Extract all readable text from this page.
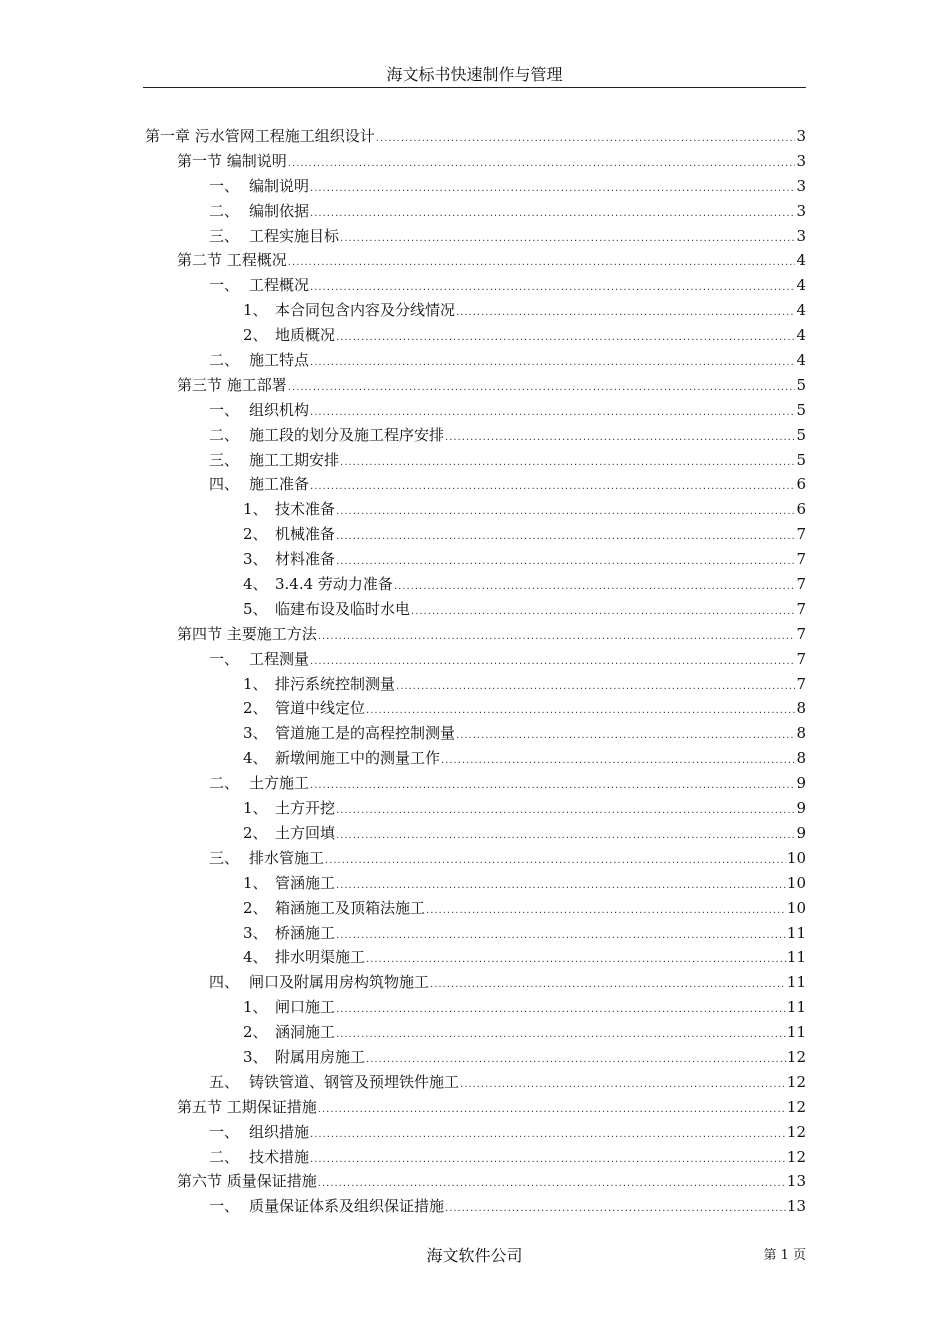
海文标书快速制作与管理
第一章 污水管网工程施工组织设计 .....	3
第一节 编制说明 .....	3
一、 编制说明 .....	3
二、 编制依据 .....	3
三、 工程实施目标 .....	3
第二节 工程概况 .....	4
一、 工程概况 .....	4
1、 本合同包含内容及分线情况 .....	4
2、 地质概况 .....	4
二、 施工特点 .....	4
第三节 施工部署 .....	5
一、 组织机构 .....	5
二、 施工段的划分及施工程序安排 .....	5
三、 施工工期安排 .....	5
四、 施工准备 .....	6
1、 技术准备 .....	6
2、 机械准备 .....	7
3、 材料准备 .....	7
4、 3.4.4 劳动力准备 .....	7
5、 临建布设及临时水电 .....	7
第四节 主要施工方法 .....	7
一、 工程测量 .....	7
1、 排污系统控制测量 .....	7
2、 管道中线定位 .....	8
3、 管道施工是的高程控制测量 .....	8
4、 新墩闸施工中的测量工作 .....	8
二、 土方施工 .....	9
1、 土方开挖 .....	9
2、 土方回填 .....	9
三、 排水管施工 .....	10
1、 管涵施工 .....	10
2、 箱涵施工及顶箱法施工 .....	10
3、 桥涵施工 .....	11
4、 排水明渠施工 .....	11
四、 闸口及附属用房构筑物施工 .....	11
1、 闸口施工 .....	11
2、 涵洞施工 .....	11
3、 附属用房施工 .....	12
五、 铸铁管道、钢管及预埋铁件施工 .....	12
第五节 工期保证措施 .....	12
一、 组织措施 .....	12
二、 技术措施 .....	12
第六节 质量保证措施 .....	13
一、 质量保证体系及组织保证措施 .....	13
海文软件公司	第 1 页
